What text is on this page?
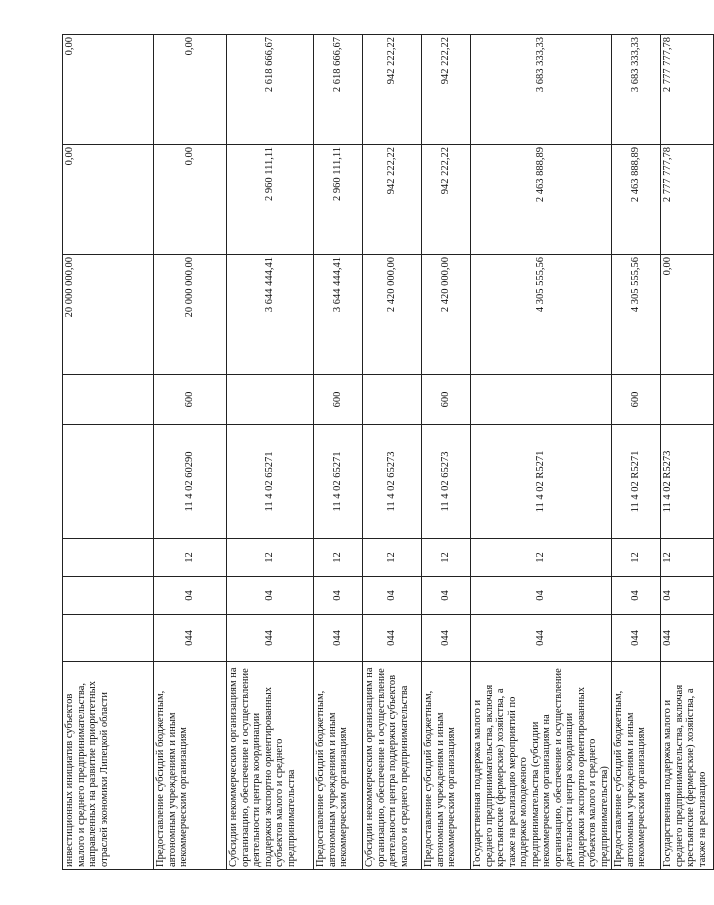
инвестиционных инициатив субъектов малого и среднего предпринимательства, направленных на развитие приоритетных отраслей экономики Липецкой области						20 000 000,00	0,00	0,00
Предоставление субсидий бюджетным, автономным учреждениям и иным некоммерческим организациям	044	04	12	11 4 02 60290	600	20 000 000,00	0,00	0,00
Субсидии некоммерческим организациям на организацию, обеспечение и осуществление деятельности центра координации поддержки экспортно ориентированных субъектов малого и среднего предпринимательства	044	04	12	11 4 02 65271		3 644 444,41	2 960 111,11	2 618 666,67
Предоставление субсидий бюджетным, автономным учреждениям и иным некоммерческим организациям	044	04	12	11 4 02 65271	600	3 644 444,41	2 960 111,11	2 618 666,67
Субсидии некоммерческим организациям на организацию, обеспечение и осуществление деятельности центра поддержки субъектов малого и среднего предпринимательства	044	04	12	11 4 02 65273		2 420 000,00	942 222,22	942 222,22
Предоставление субсидий бюджетным, автономным учреждениям и иным некоммерческим организациям	044	04	12	11 4 02 65273	600	2 420 000,00	942 222,22	942 222,22
Государственная поддержка малого и среднего предпринимательства, включая крестьянские (фермерские) хозяйства, а также на реализацию мероприятий по поддержке молодежного предпринимательства (субсидии некоммерческим организациям на организацию, обеспечение и осуществление деятельности центра координации поддержки экспортно ориентированных субъектов малого и среднего предпринимательства)	044	04	12	11 4 02 R5271		4 305 555,56	2 463 888,89	3 683 333,33
Предоставление субсидий бюджетным, автономным учреждениям и иным некоммерческим организациям	044	04	12	11 4 02 R5271	600	4 305 555,56	2 463 888,89	3 683 333,33
Государственная поддержка малого и среднего предпринимательства, включая крестьянские (фермерские) хозяйства, а также на реализацию	044	04	12	11 4 02 R5273		0,00	2 777 777,78	2 777 777,78
